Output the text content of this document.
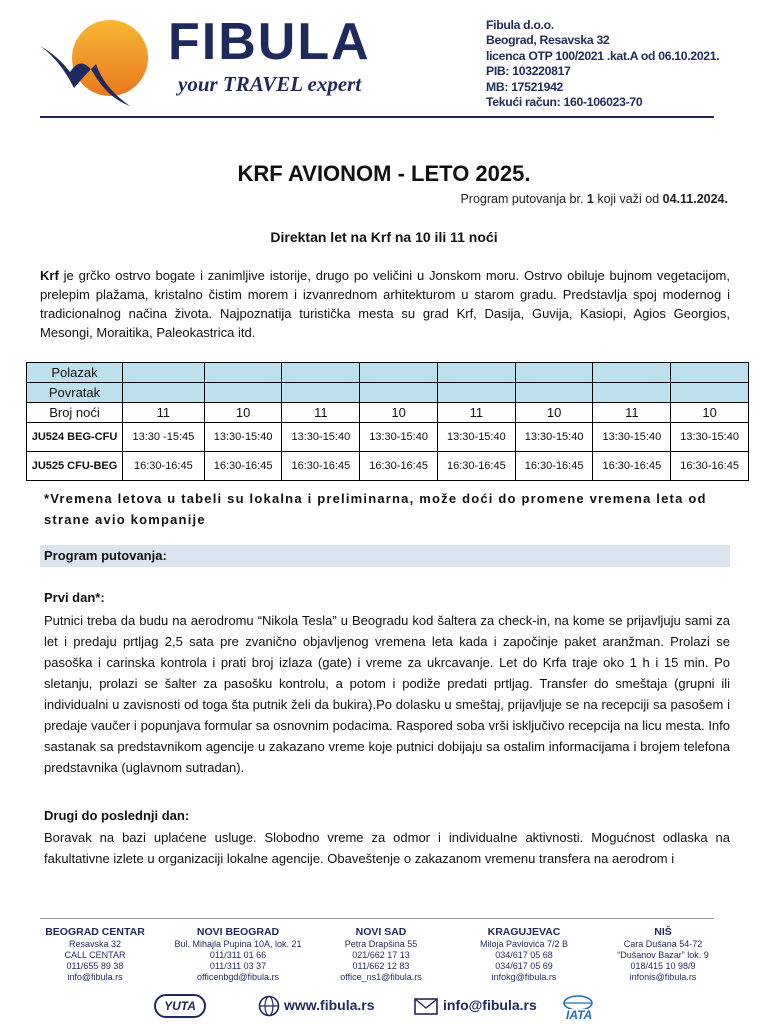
FIBULA
your TRAVEL expert
Fibula d.o.o.
Beograd, Resavska 32
licenca OTP 100/2021 .kat.A od 06.10.2021.
PIB: 103220817
MB: 17521942
Tekući račun: 160-106023-70
KRF AVIONOM - LETO 2025.
Program putovanja br. 1 koji važi od 04.11.2024.
Direktan let na Krf na 10 ili 11 noći
Krf je grčko ostrvo bogate i zanimljive istorije, drugo po veličini u Jonskom moru. Ostrvo obiluje bujnom vegetacijom, prelepim plažama, kristalno čistim morem i izvanrednom arhitekturom u starom gradu. Predstavlja spoj modernog i tradicionalnog načina života. Najpoznatija turistička mesta su grad Krf, Dasija, Guvija, Kasiopi, Agios Georgios, Mesongi, Moraitika, Paleokastrica itd.
Polazak								
Povratak								
Broj noći	11	10	11	10	11	10	11	10
JU524 BEG-CFU	13:30 -15:45	13:30-15:40	13:30-15:40	13:30-15:40	13:30-15:40	13:30-15:40	13:30-15:40	13:30-15:40
JU525 CFU-BEG	16:30-16:45	16:30-16:45	16:30-16:45	16:30-16:45	16:30-16:45	16:30-16:45	16:30-16:45	16:30-16:45
*Vremena letova u tabeli su lokalna i preliminarna, može doći do promene vremena leta od strane avio kompanije
Program putovanja:
Prvi dan*:
Putnici treba da budu na aerodromu “Nikola Tesla” u Beogradu kod šaltera za check-in, na kome se prijavljuju sami za let i predaju prtljag 2,5 sata pre zvanično objavljenog vremena leta kada i započinje paket aranžman. Prolazi se pasoška i carinska kontrola i prati broj izlaza (gate) i vreme za ukrcavanje. Let do Krfa traje oko 1 h i 15 min. Po sletanju, prolazi se šalter za pasošku kontrolu, a potom i podiže predati prtljag. Transfer do smeštaja (grupni ili individualni u zavisnosti od toga šta putnik želi da bukira).Po dolasku u smeštaj, prijavljuje se na recepciji sa pasošem i predaje vaučer i popunjava formular sa osnovnim podacima. Raspored soba vrši isključivo recepcija na licu mesta. Info sastanak sa predstavnikom agencije u zakazano vreme koje putnici dobijaju sa ostalim informacijama i brojem telefona predstavnika (uglavnom sutradan).
Drugi do poslednji dan:
Boravak na bazi uplaćene usluge. Slobodno vreme za odmor i individualne aktivnosti. Mogućnost odlaska na fakultativne izlete u organizaciji lokalne agencije. Obaveštenje o zakazanom vremenu transfera na aerodrom i
BEOGRAD CENTAR
Resavska 32
CALL CENTAR
011/655 89 38
info@fibula.rs
NOVI BEOGRAD
Bul. Mihajla Pupina 10A, lok. 21
011/311 01 66
011/311 03 37
officenbgd@fibula.rs
NOVI SAD
Petra Drapšina 55
021/662 17 13
011/662 12 83
office_ns1@fibula.rs
KRAGUJEVAC
Miloja Pavlovića 7/2 B
034/617 05 68
034/617 05 69
infokg@fibula.rs
NIŠ
Cara Dušana 54-72
“Dušanov Bazar” lok. 9
018/415 10 98/9
infonis@fibula.rs
YUTA	www.fibula.rs	info@fibula.rs
IATA
